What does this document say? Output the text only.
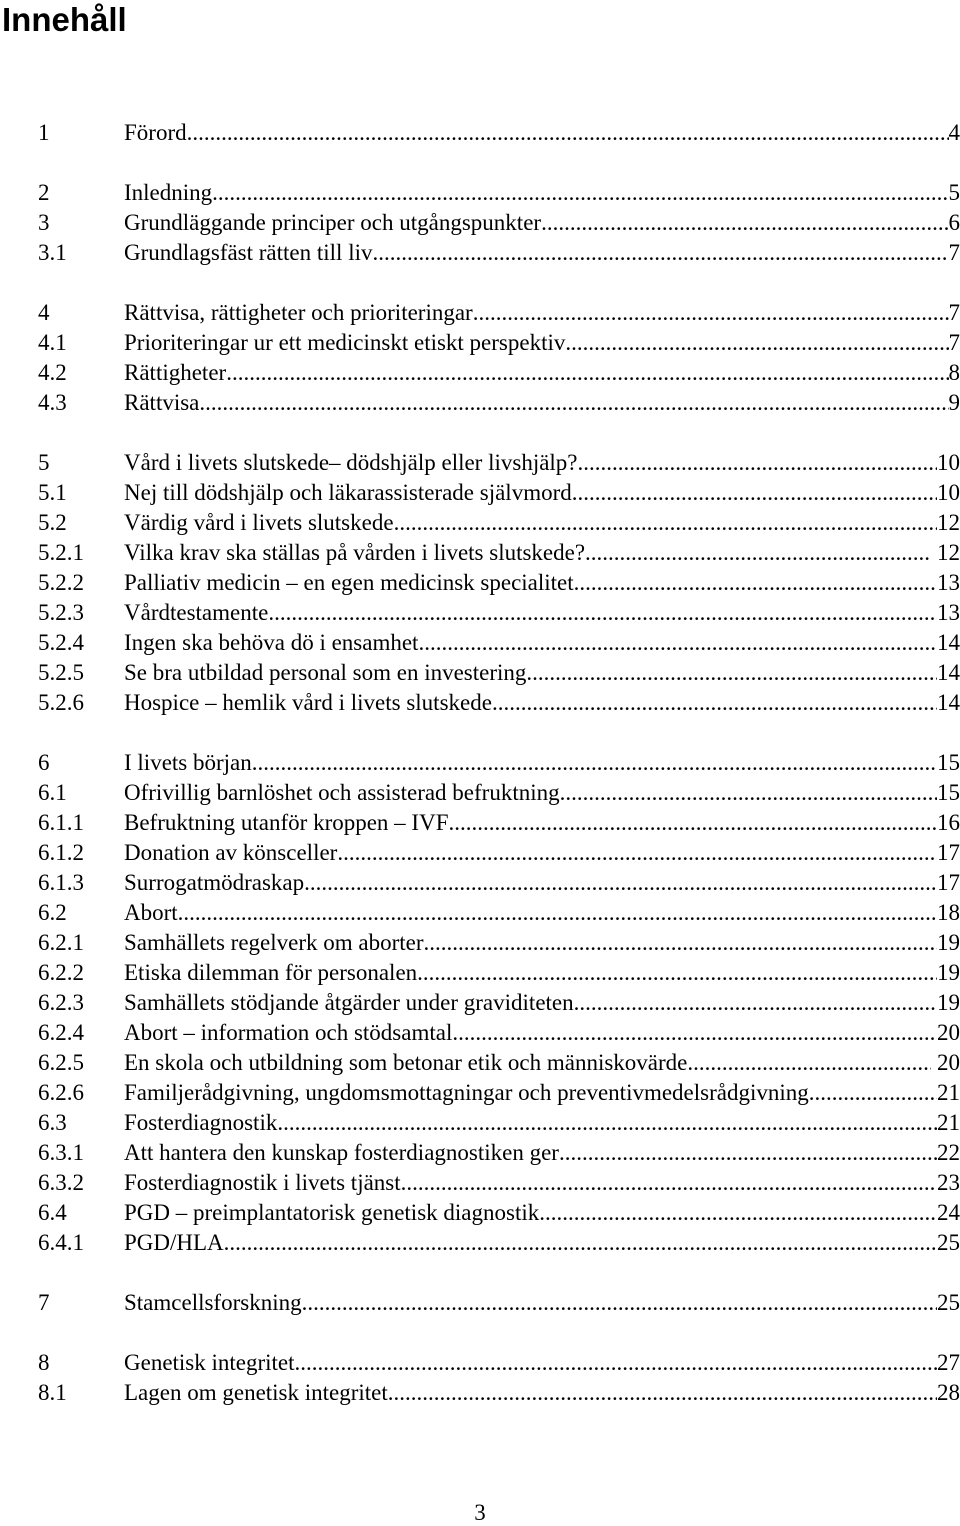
Innehåll
1	Förord .....	4
2	Inledning .....	5
3	Grundläggande principer och utgångspunkter .....	6
3.1	Grundlagsfäst rätten till liv .....	7
4	Rättvisa, rättigheter och prioriteringar .....	7
4.1	Prioriteringar ur ett medicinskt etiskt perspektiv .....	7
4.2	Rättigheter .....	8
4.3	Rättvisa .....	9
5	Vård i livets slutskede– dödshjälp eller livshjälp? .....	10
5.1	Nej till dödshjälp och läkarassisterade självmord .....	10
5.2	Värdig vård i livets slutskede .....	12
5.2.1	Vilka krav ska ställas på vården i livets slutskede? .....	12
5.2.2	Palliativ medicin – en egen medicinsk specialitet .....	13
5.2.3	Vårdtestamente .....	13
5.2.4	Ingen ska behöva dö i ensamhet .....	14
5.2.5	Se bra utbildad personal som en investering .....	14
5.2.6	Hospice – hemlik vård i livets slutskede .....	14
6	I livets början .....	15
6.1	Ofrivillig barnlöshet och assisterad befruktning .....	15
6.1.1	Befruktning utanför kroppen – IVF .....	16
6.1.2	Donation av könsceller .....	17
6.1.3	Surrogatmödraskap .....	17
6.2	Abort .....	18
6.2.1	Samhällets regelverk om aborter .....	19
6.2.2	Etiska dilemman för personalen .....	19
6.2.3	Samhällets stödjande åtgärder under graviditeten .....	19
6.2.4	Abort – information och stödsamtal .....	20
6.2.5	En skola och utbildning som betonar etik och människovärde .....	20
6.2.6	Familjerådgivning, ungdomsmottagningar och preventivmedelsrådgivning .....	21
6.3	Fosterdiagnostik .....	21
6.3.1	Att hantera den kunskap fosterdiagnostiken ger .....	22
6.3.2	Fosterdiagnostik i livets tjänst .....	23
6.4	PGD – preimplantatorisk genetisk diagnostik .....	24
6.4.1	PGD/HLA .....	25
7	Stamcellsforskning .....	25
8	Genetisk integritet .....	27
8.1	Lagen om genetisk integritet .....	28
3
